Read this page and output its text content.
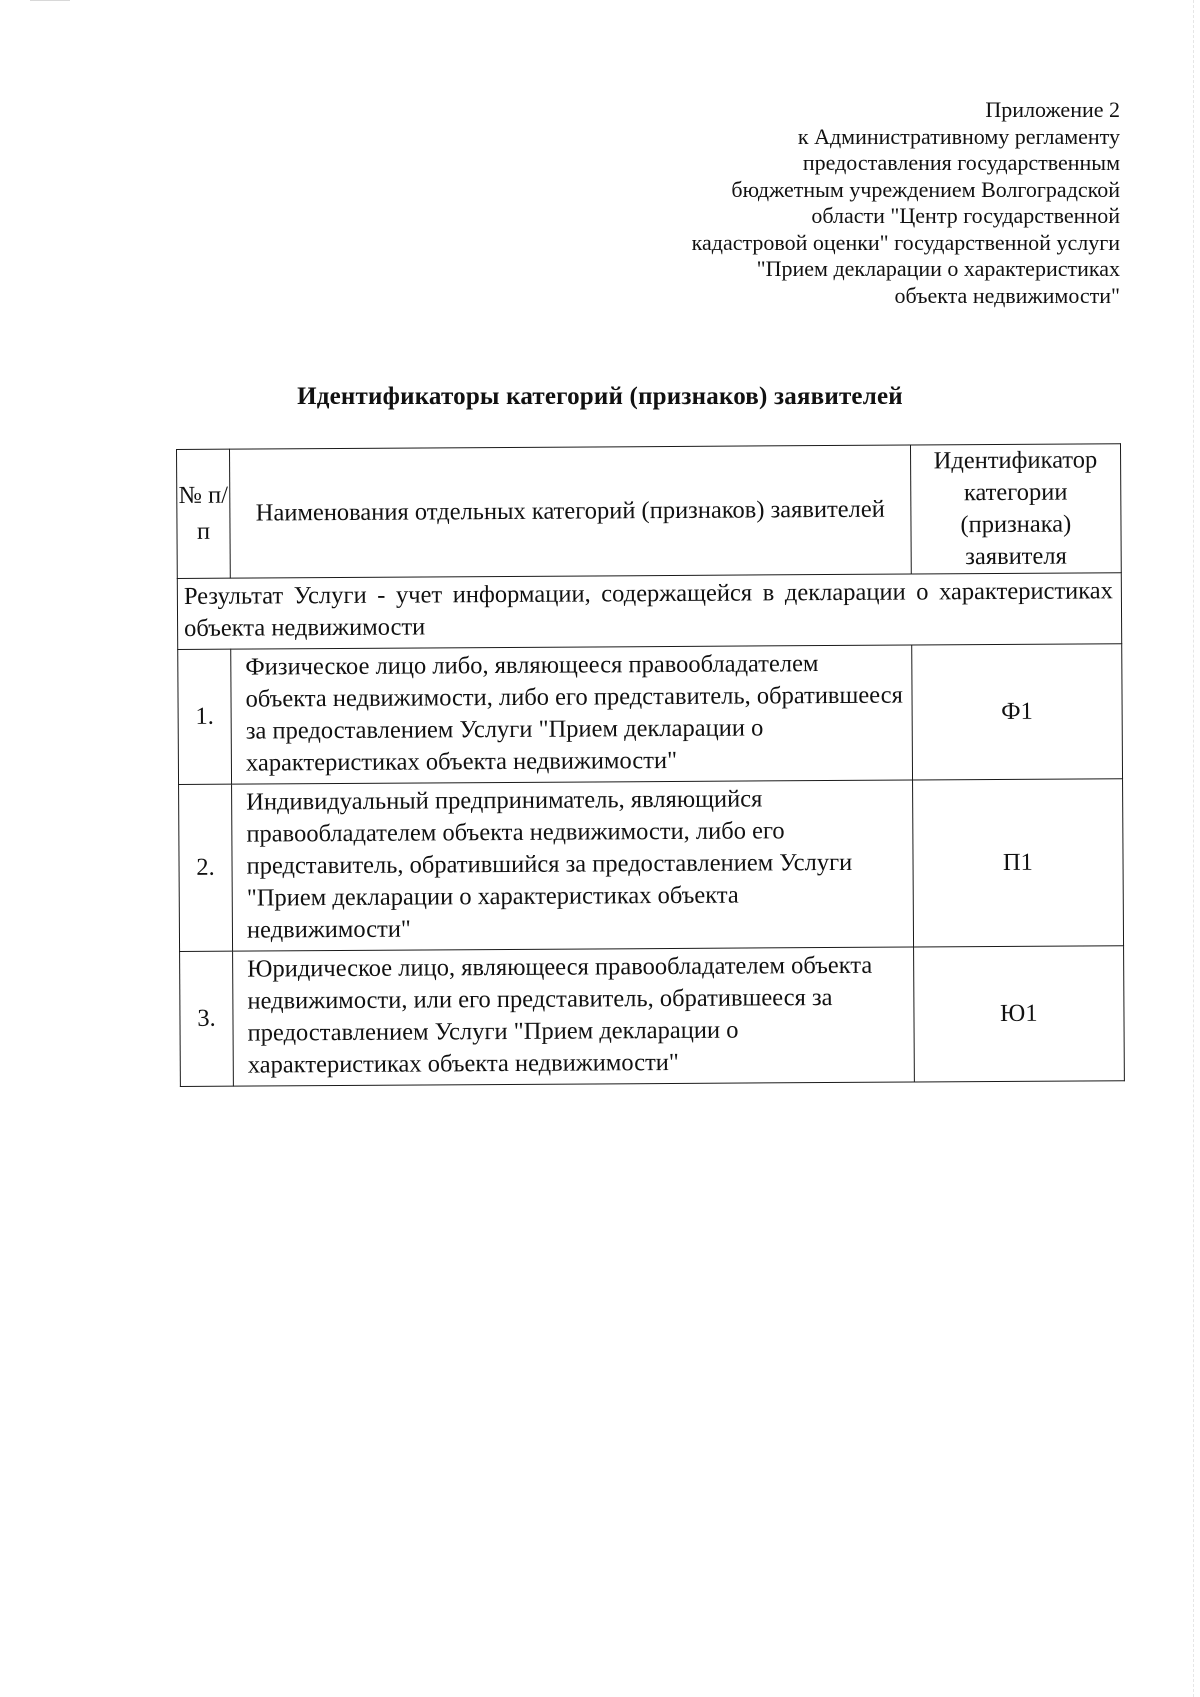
Приложение 2
к Административному регламенту
предоставления государственным
бюджетным учреждением Волгоградской
области "Центр государственной
кадастровой оценки" государственной услуги
"Прием декларации о характеристиках
объекта недвижимости"
Идентификаторы категорий (признаков) заявителей
№ п/п	Наименования отдельных категорий (признаков) заявителей	Идентификатор категории (признака) заявителя
Результат Услуги - учет информации, содержащейся в декларации о характеристиках объекта недвижимости		
1.	Физическое лицо либо, являющееся правообладателем объекта недвижимости, либо его представитель, обратившееся за предоставлением Услуги "Прием декларации о характеристиках объекта недвижимости"	Ф1
2.	Индивидуальный предприниматель, являющийся правообладателем объекта недвижимости, либо его представитель, обратившийся за предоставлением Услуги "Прием декларации о характеристиках объекта недвижимости"	П1
3.	Юридическое лицо, являющееся правообладателем объекта недвижимости, или его представитель, обратившееся за предоставлением Услуги "Прием декларации о характеристиках объекта недвижимости"	Ю1
